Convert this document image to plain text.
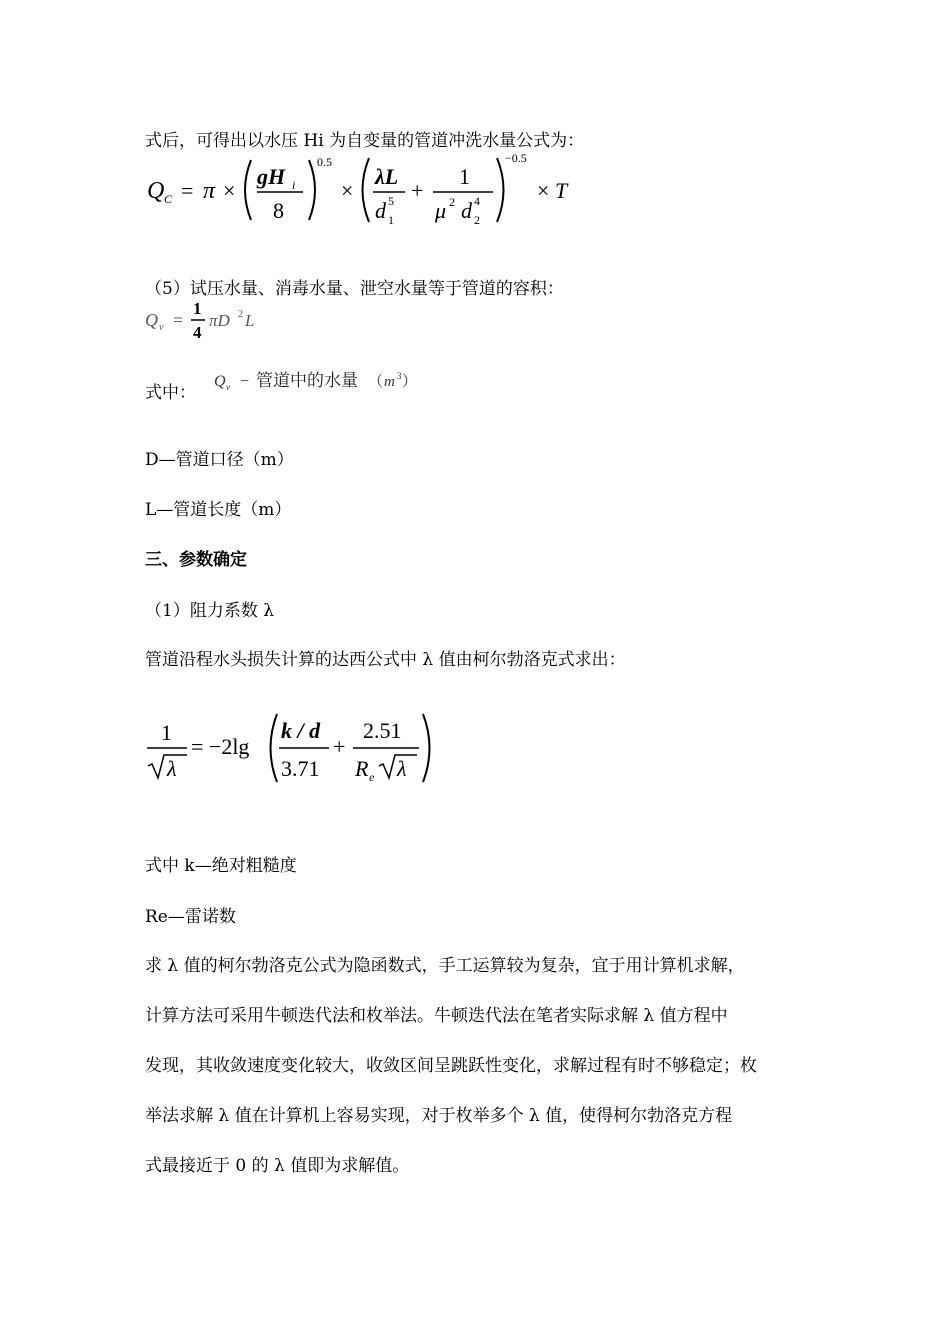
式后，可得出以水压 Hi 为自变量的管道冲洗水量公式为：
Q C = π ×
gH i
8
0.5
×
λL
d 5
1
+
1
μ 2 d 4
2
−0.5
× T
（5）试压水量、消毒水量、泄空水量等于管道的容积：
Q v =
1
4
πD 2 L
式中：
Q v − 管道中的水量 （ m 3 ）
D—管道口径（m）
L—管道长度（m）
三、参数确定
（1）阻力系数 λ
管道沿程水头损失计算的达西公式中 λ 值由柯尔勃洛克式求出：
1
λ
= −2lg
k / d
3.71
+
2.51
R e λ
式中 k—绝对粗糙度
Re—雷诺数
求 λ 值的柯尔勃洛克公式为隐函数式，手工运算较为复杂，宜于用计算机求解，
计算方法可采用牛顿迭代法和枚举法。牛顿迭代法在笔者实际求解 λ 值方程中
发现，其收敛速度变化较大，收敛区间呈跳跃性变化，求解过程有时不够稳定；枚
举法求解 λ 值在计算机上容易实现，对于枚举多个 λ 值，使得柯尔勃洛克方程
式最接近于 0 的 λ 值即为求解值。
